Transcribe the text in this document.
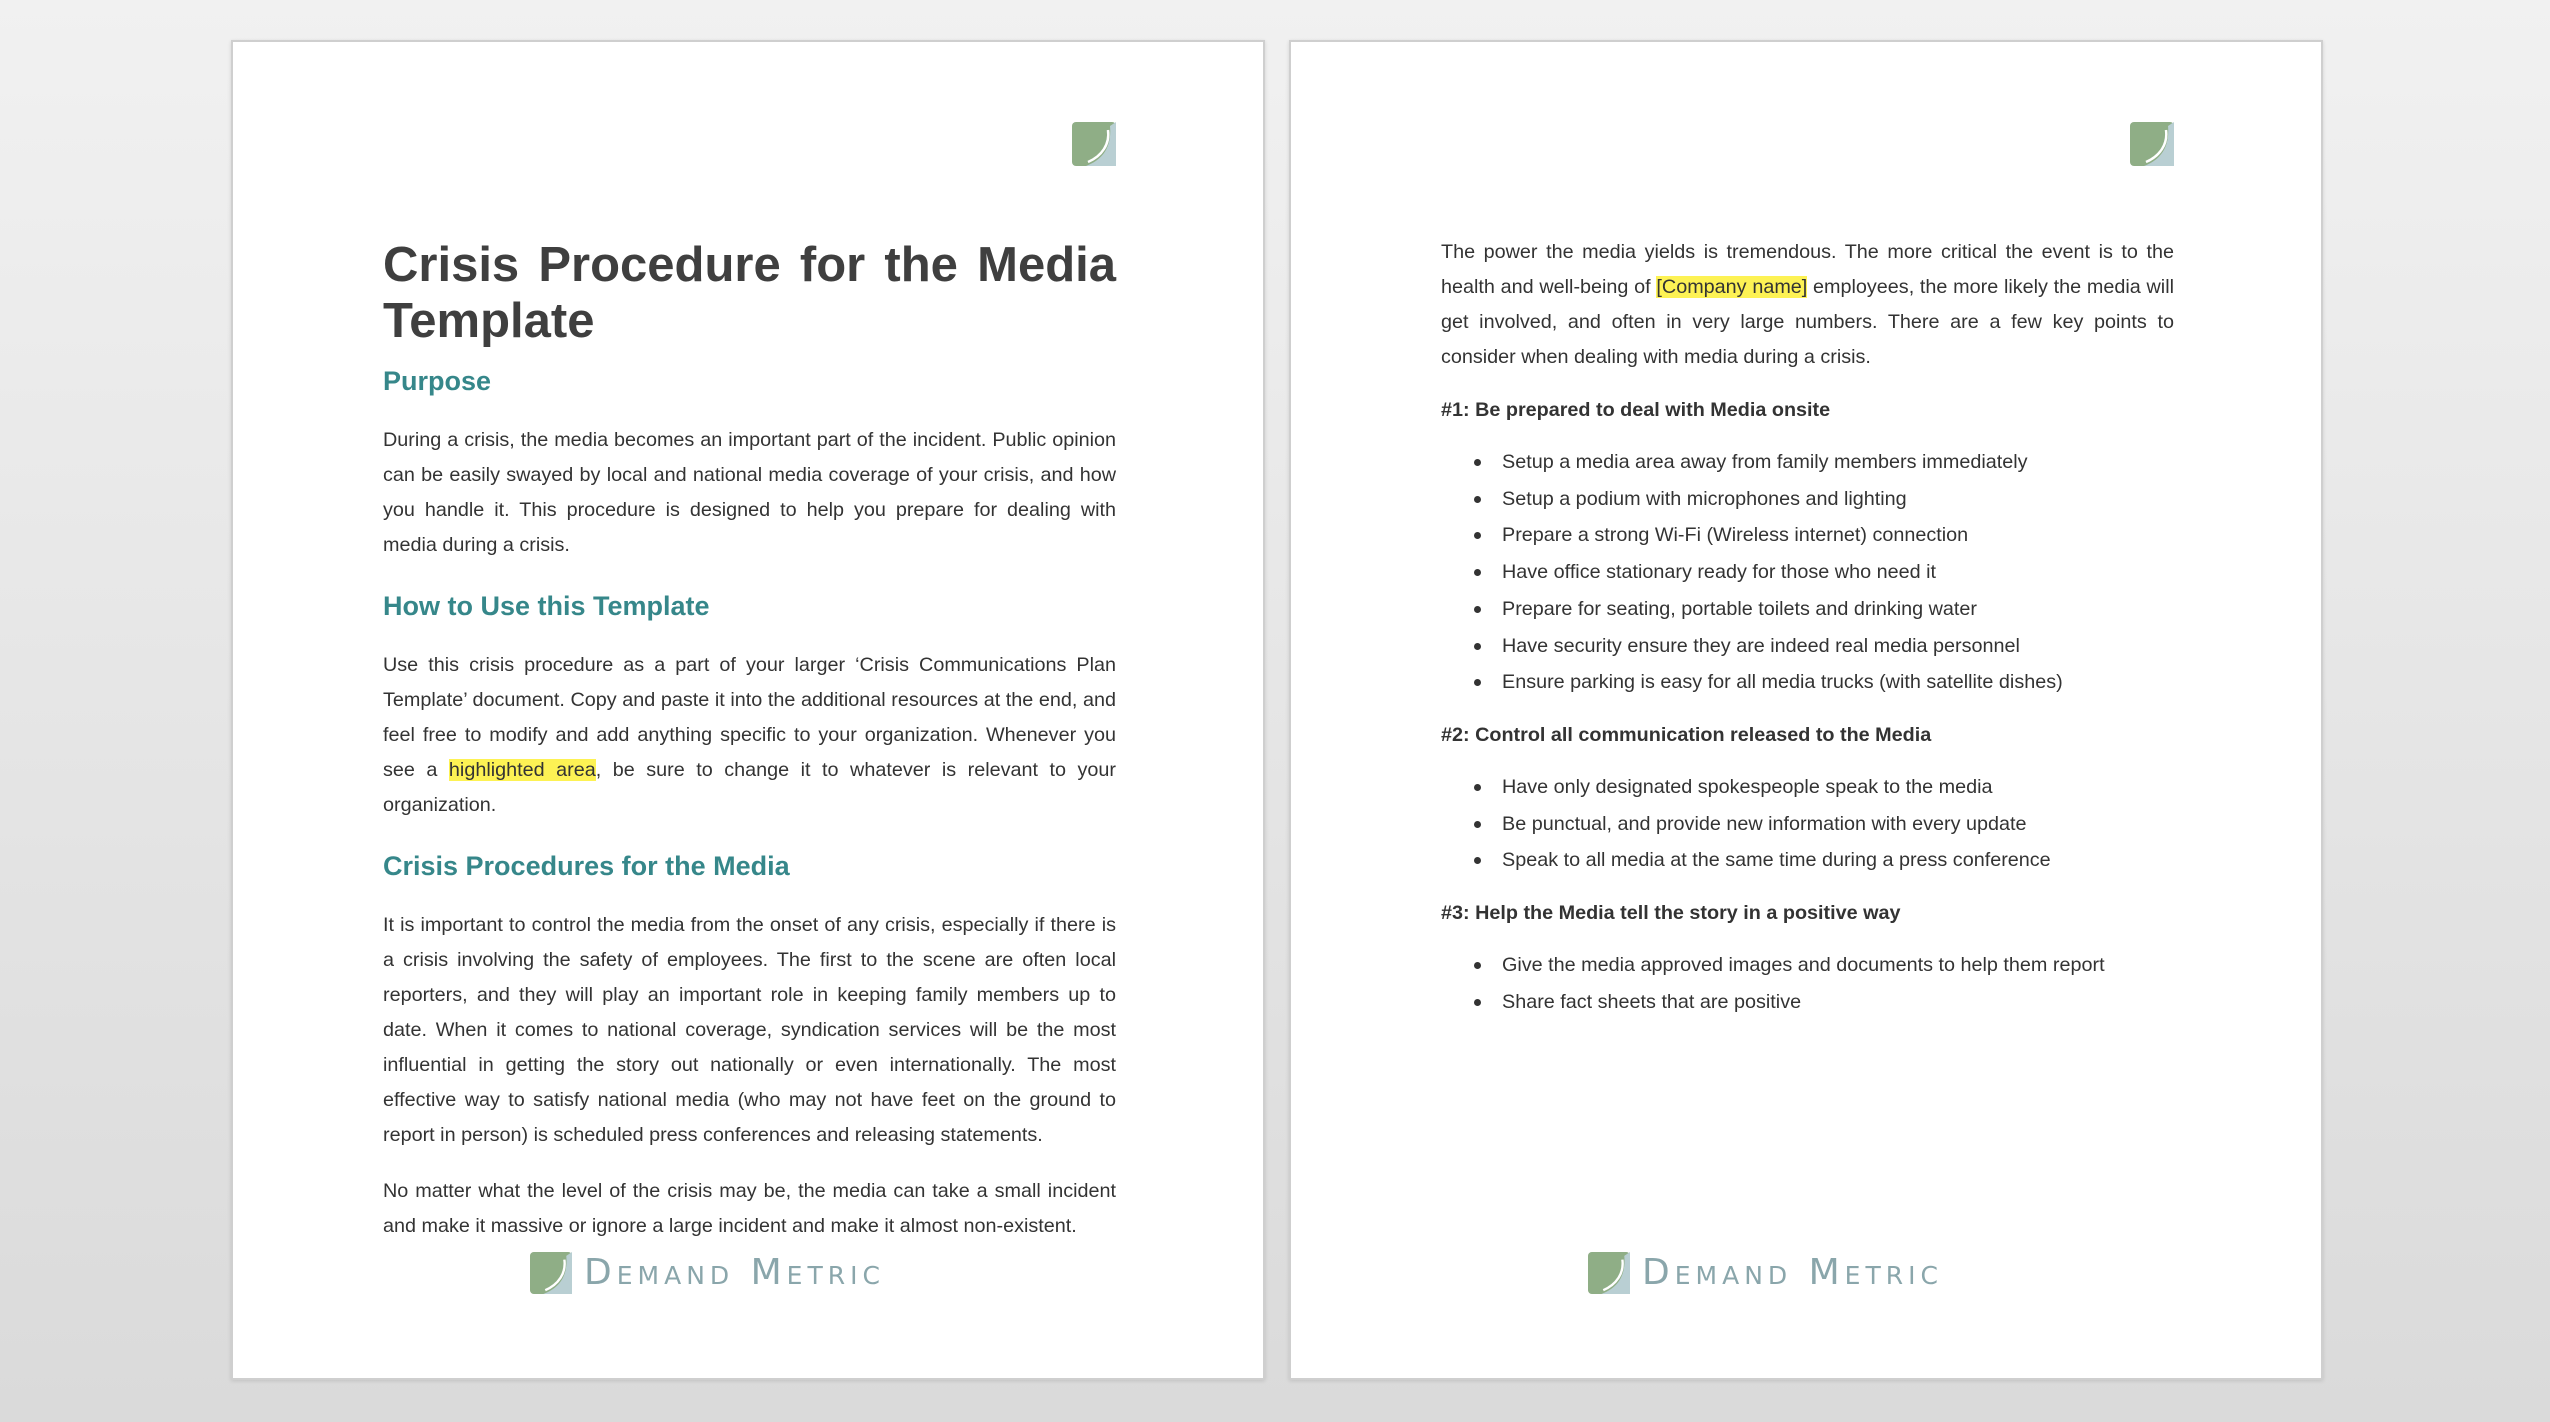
Crisis Procedure for the Media Template
Purpose

During a crisis, the media becomes an important part of the incident. Public opinion can be easily swayed by local and national media coverage of your crisis, and how you handle it. This procedure is designed to help you prepare for dealing with media during a crisis.

How to Use this Template

Use this crisis procedure as a part of your larger ‘Crisis Communications Plan Template’ document. Copy and paste it into the additional resources at the end, and feel free to modify and add anything specific to your organization. Whenever you see a highlighted area, be sure to change it to whatever is relevant to your organization.

Crisis Procedures for the Media

It is important to control the media from the onset of any crisis, especially if there is a crisis involving the safety of employees. The first to the scene are often local reporters, and they will play an important role in keeping family members up to date. When it comes to national coverage, syndication services will be the most influential in getting the story out nationally or even internationally. The most effective way to satisfy national media (who may not have feet on the ground to report in person) is scheduled press conferences and releasing statements.

No matter what the level of the crisis may be, the media can take a small incident and make it massive or ignore a large incident and make it almost non-existent.

Demand Metric

The power the media yields is tremendous. The more critical the event is to the health and well-being of [Company name] employees, the more likely the media will get involved, and often in very large numbers. There are a few key points to consider when dealing with media during a crisis.

#1: Be prepared to deal with Media onsite
Setup a media area away from family members immediately
Setup a podium with microphones and lighting
Prepare a strong Wi-Fi (Wireless internet) connection
Have office stationary ready for those who need it
Prepare for seating, portable toilets and drinking water
Have security ensure they are indeed real media personnel
Ensure parking is easy for all media trucks (with satellite dishes)
#2: Control all communication released to the Media
Have only designated spokespeople speak to the media
Be punctual, and provide new information with every update
Speak to all media at the same time during a press conference
#3: Help the Media tell the story in a positive way
Give the media approved images and documents to help them report
Share fact sheets that are positive
Demand Metric
